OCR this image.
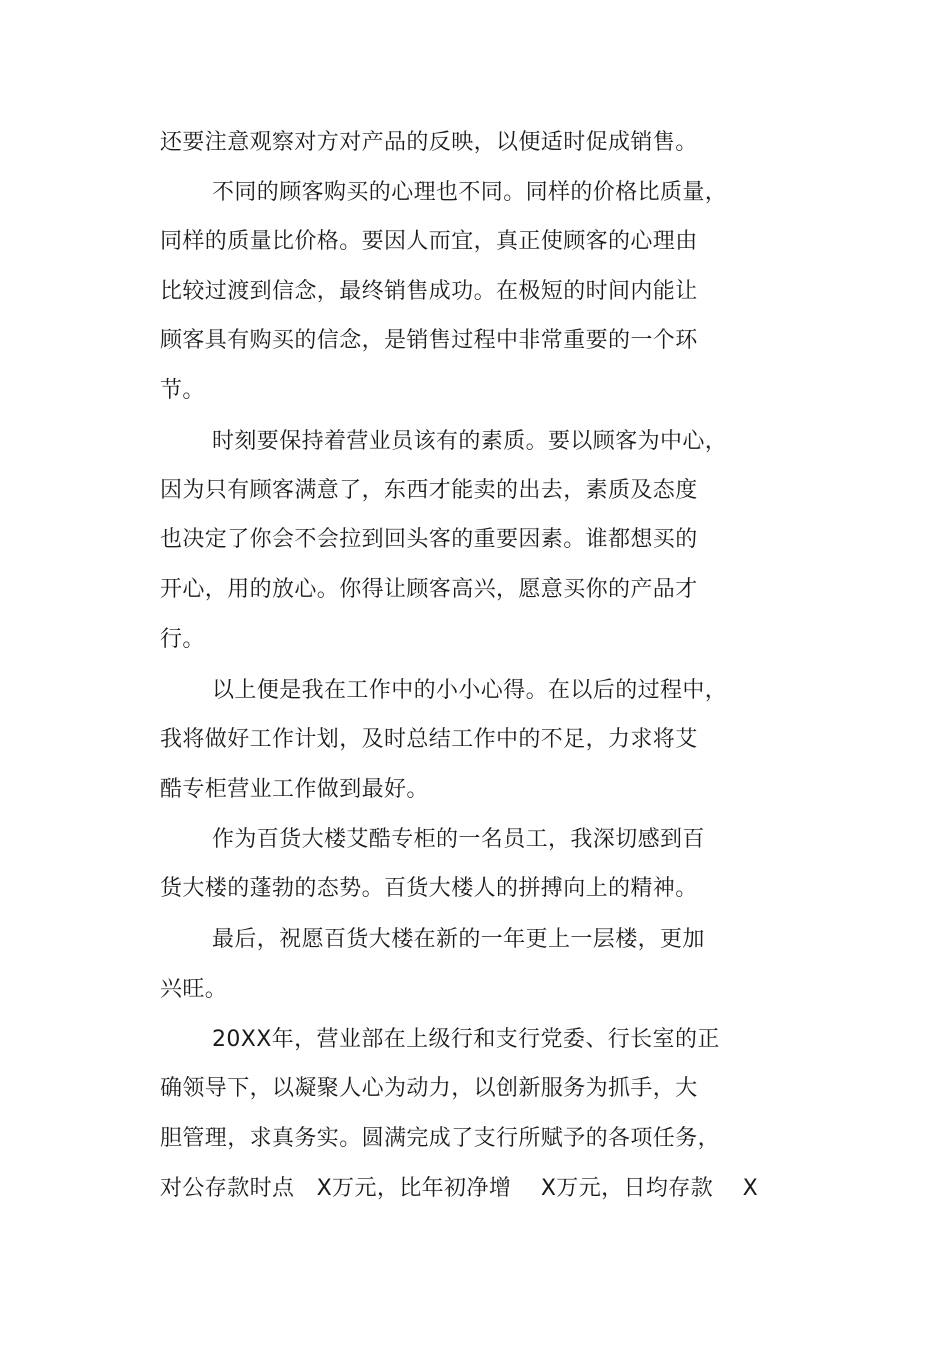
还要注意观察对方对产品的反映，以便适时促成销售。
不同的顾客购买的心理也不同。同样的价格比质量，
同样的质量比价格。要因人而宜，真正使顾客的心理由
比较过渡到信念，最终销售成功。在极短的时间内能让
顾客具有购买的信念，是销售过程中非常重要的一个环
节。
时刻要保持着营业员该有的素质。要以顾客为中心，
因为只有顾客满意了，东西才能卖的出去，素质及态度
也决定了你会不会拉到回头客的重要因素。谁都想买的
开心，用的放心。你得让顾客高兴，愿意买你的产品才
行。
以上便是我在工作中的小小心得。在以后的过程中，
我将做好工作计划，及时总结工作中的不足，力求将艾
酷专柜营业工作做到最好。
作为百货大楼艾酷专柜的一名员工，我深切感到百
货大楼的蓬勃的态势。百货大楼人的拼搏向上的精神。
最后，祝愿百货大楼在新的一年更上一层楼，更加
兴旺。
20XX年，营业部在上级行和支行党委、行长室的正
确领导下，以凝聚人心为动力，以创新服务为抓手，大
胆管理，求真务实。圆满完成了支行所赋予的各项任务，
对公存款时点   X万元，比年初净增    X万元，日均存款    X
